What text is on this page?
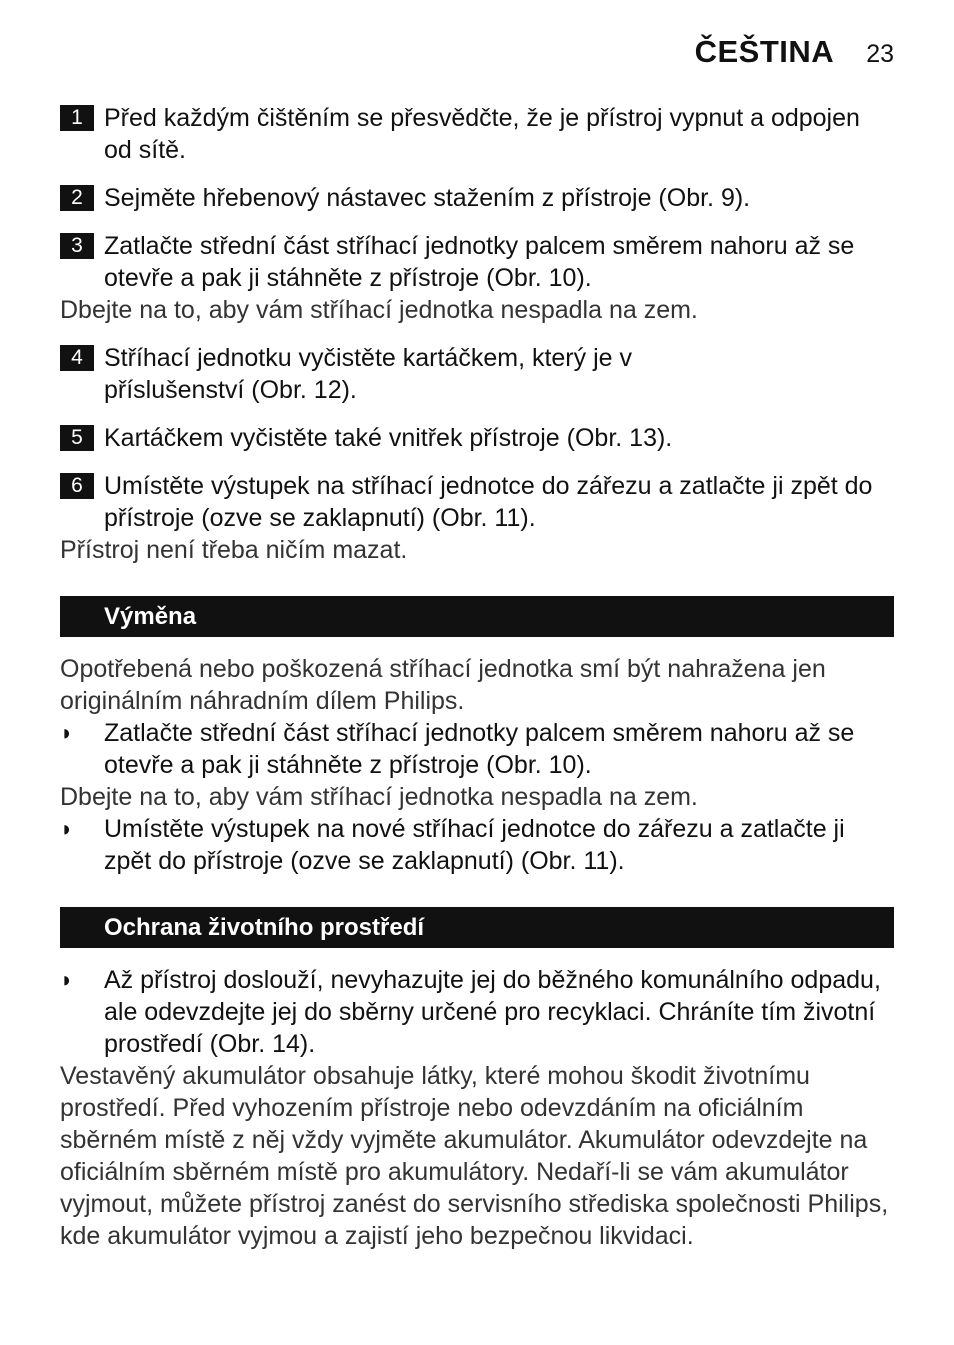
ČEŠTINA 23
1 Před každým čištěním se přesvědčte, že je přístroj vypnut a odpojen od sítě.
2 Sejměte hřebenový nástavec stažením z přístroje (Obr. 9).
3 Zatlačte střední část stříhací jednotky palcem směrem nahoru až se otevře a pak ji stáhněte z přístroje (Obr. 10).
Dbejte na to, aby vám stříhací jednotka nespadla na zem.
4 Stříhací jednotku vyčistěte kartáčkem, který je v příslušenství (Obr. 12).
5 Kartáčkem vyčistěte také vnitřek přístroje (Obr. 13).
6 Umístěte výstupek na stříhací jednotce do zářezu a zatlačte ji zpět do přístroje (ozve se zaklapnutí) (Obr. 11).
Přístroj není třeba ničím mazat.
Výměna
Opotřebená nebo poškozená stříhací jednotka smí být nahražena jen originálním náhradním dílem Philips.
◗	Zatlačte střední část stříhací jednotky palcem směrem nahoru až se otevře a pak ji stáhněte z přístroje (Obr. 10).
Dbejte na to, aby vám stříhací jednotka nespadla na zem.
◗	Umístěte výstupek na nové stříhací jednotce do zářezu a zatlačte ji zpět do přístroje (ozve se zaklapnutí) (Obr. 11).
Ochrana životního prostředí
◗	Až přístroj doslouží, nevyhazujte jej do běžného komunálního odpadu, ale odevzdejte jej do sběrny určené pro recyklaci. Chráníte tím životní prostředí (Obr. 14).
Vestavěný akumulátor obsahuje látky, které mohou škodit životnímu prostředí. Před vyhozením přístroje nebo odevzdáním na oficiálním sběrném místě z něj vždy vyjměte akumulátor. Akumulátor odevzdejte na oficiálním sběrném místě pro akumulátory. Nedaří-li se vám akumulátor vyjmout, můžete přístroj zanést do servisního střediska společnosti Philips, kde akumulátor vyjmou a zajistí jeho bezpečnou likvidaci.
